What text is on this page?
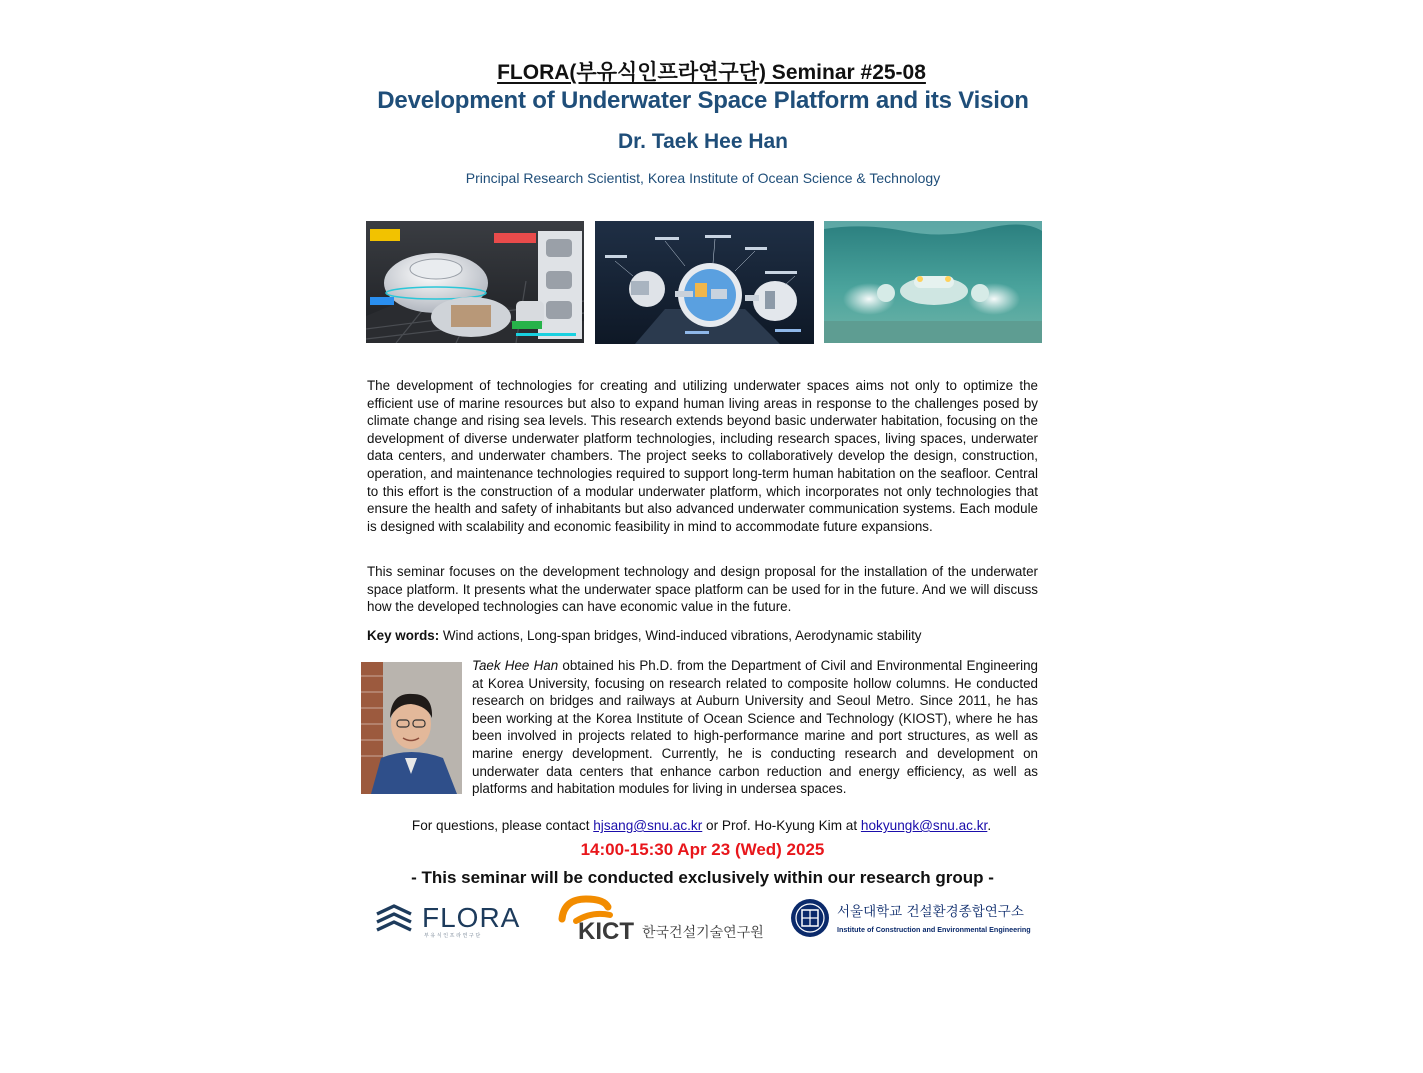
FLORA(부유식인프라연구단) Seminar #25-08
Development of Underwater Space Platform and its Vision
Dr. Taek Hee Han
Principal Research Scientist, Korea Institute of Ocean Science & Technology

The development of technologies for creating and utilizing underwater spaces aims not only to optimize the efficient use of marine resources but also to expand human living areas in response to the challenges posed by climate change and rising sea levels. This research extends beyond basic underwater habitation, focusing on the development of diverse underwater platform technologies, including research spaces, living spaces, underwater data centers, and underwater chambers. The project seeks to collaboratively develop the design, construction, operation, and maintenance technologies required to support long-term human habitation on the seafloor. Central to this effort is the construction of a modular underwater platform, which incorporates not only technologies that ensure the health and safety of inhabitants but also advanced underwater communication systems. Each module is designed with scalability and economic feasibility in mind to accommodate future expansions.

This seminar focuses on the development technology and design proposal for the installation of the underwater space platform. It presents what the underwater space platform can be used for in the future. And we will discuss how the developed technologies can have economic value in the future.

Key words: Wind actions, Long-span bridges, Wind-induced vibrations, Aerodynamic stability

Taek Hee Han obtained his Ph.D. from the Department of Civil and Environmental Engineering at Korea University, focusing on research related to composite hollow columns. He conducted research on bridges and railways at Auburn University and Seoul Metro. Since 2011, he has been working at the Korea Institute of Ocean Science and Technology (KIOST), where he has been involved in projects related to high-performance marine and port structures, as well as marine energy development. Currently, he is conducting research and development on underwater data centers that enhance carbon reduction and energy efficiency, as well as platforms and habitation modules for living in undersea spaces.

For questions, please contact hjsang@snu.ac.kr or Prof. Ho-Kyung Kim at hokyungk@snu.ac.kr.
14:00-15:30 Apr 23 (Wed) 2025
- This seminar will be conducted exclusively within our research group -
FLORA
부 유 식 인 프 라 연 구 단	KICT 한국건설기술연구원
서울대학교 건설환경종합연구소
Institute of Construction and Environmental Engineering
